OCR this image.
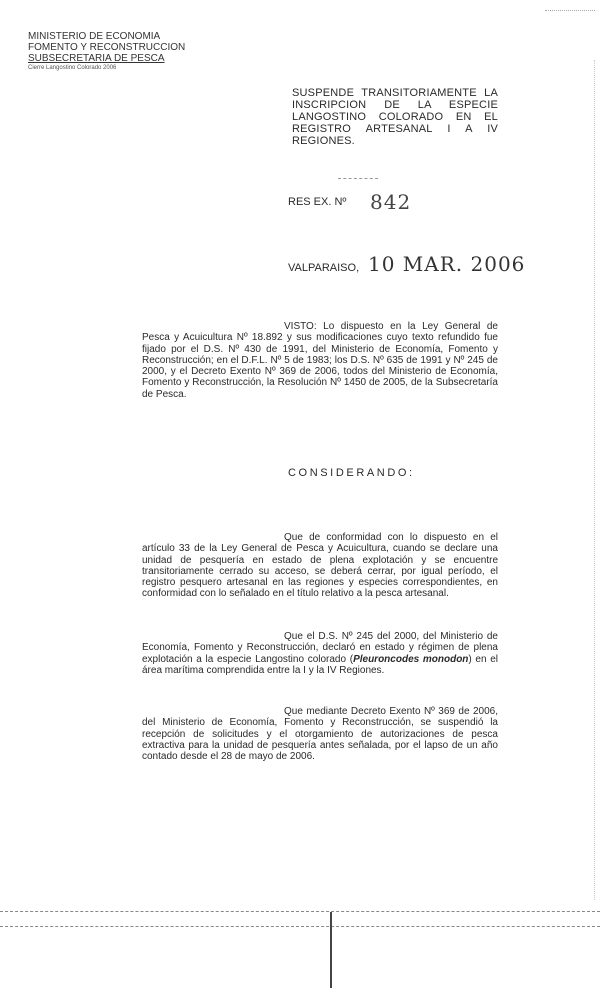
MINISTERIO DE ECONOMIA
FOMENTO Y RECONSTRUCCION
SUBSECRETARIA DE PESCA
Cierre Langostino Colorado 2006
SUSPENDE TRANSITORIAMENTE LA INSCRIPCION DE LA ESPECIE LANGOSTINO COLORADO EN EL REGISTRO ARTESANAL I A IV REGIONES.
RES EX. Nº 842
VALPARAISO, 10 MAR. 2006
VISTO: Lo dispuesto en la Ley General de Pesca y Acuicultura Nº 18.892 y sus modificaciones cuyo texto refundido fue fijado por el D.S. Nº 430 de 1991, del Ministerio de Economía, Fomento y Reconstrucción; en el D.F.L. Nº 5 de 1983; los D.S. Nº 635 de 1991 y Nº 245 de 2000, y el Decreto Exento Nº 369 de 2006, todos del Ministerio de Economía, Fomento y Reconstrucción, la Resolución Nº 1450 de 2005, de la Subsecretaría de Pesca.
CONSIDERANDO:
Que de conformidad con lo dispuesto en el artículo 33 de la Ley General de Pesca y Acuicultura, cuando se declare una unidad de pesquería en estado de plena explotación y se encuentre transitoriamente cerrado su acceso, se deberá cerrar, por igual período, el registro pesquero artesanal en las regiones y especies correspondientes, en conformidad con lo señalado en el título relativo a la pesca artesanal.
Que el D.S. Nº 245 del 2000, del Ministerio de Economía, Fomento y Reconstrucción, declaró en estado y régimen de plena explotación a la especie Langostino colorado (Pleuroncodes monodon) en el área marítima comprendida entre la I y la IV Regiones.
Que mediante Decreto Exento Nº 369 de 2006, del Ministerio de Economía, Fomento y Reconstrucción, se suspendió la recepción de solicitudes y el otorgamiento de autorizaciones de pesca extractiva para la unidad de pesquería antes señalada, por el lapso de un año contado desde el 28 de mayo de 2006.
